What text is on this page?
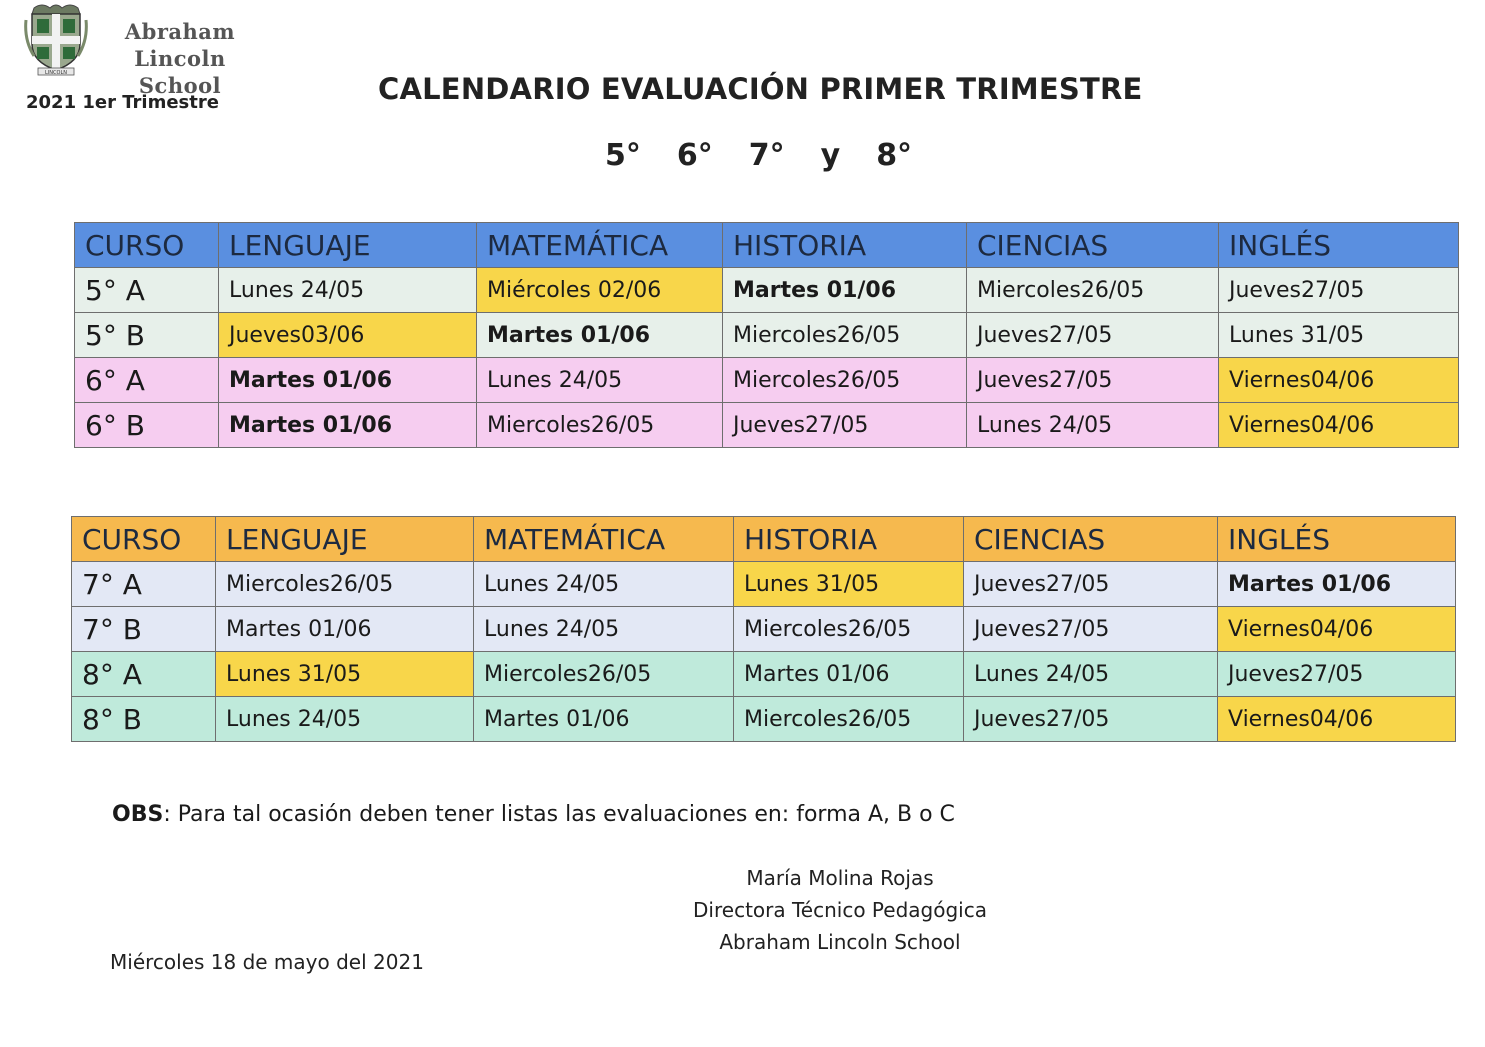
LINCOLN
Abraham Lincoln
School
2021 1er Trimestre	CALENDARIO EVALUACIÓN PRIMER TRIMESTRE
5° 6° 7° y 8°
CURSO	LENGUAJE	MATEMÁTICA	HISTORIA	CIENCIAS	INGLÉS
5° A	Lunes 24/05	Miércoles 02/06	Martes 01/06	Miercoles26/05	Jueves27/05
5° B	Jueves03/06	Martes 01/06	Miercoles26/05	Jueves27/05	Lunes 31/05
6° A	Martes 01/06	Lunes 24/05	Miercoles26/05	Jueves27/05	Viernes04/06
6° B	Martes 01/06	Miercoles26/05	Jueves27/05	Lunes 24/05	Viernes04/06
CURSO	LENGUAJE	MATEMÁTICA	HISTORIA	CIENCIAS	INGLÉS
7° A	Miercoles26/05	Lunes 24/05	Lunes 31/05	Jueves27/05	Martes 01/06
7° B	Martes 01/06	Lunes 24/05	Miercoles26/05	Jueves27/05	Viernes04/06
8° A	Lunes 31/05	Miercoles26/05	Martes 01/06	Lunes 24/05	Jueves27/05
8° B	Lunes 24/05	Martes 01/06	Miercoles26/05	Jueves27/05	Viernes04/06
OBS: Para tal ocasión deben tener listas las evaluaciones en: forma A, B o C
María Molina Rojas
Directora Técnico Pedagógica
Abraham Lincoln School
Miércoles 18 de mayo del 2021
